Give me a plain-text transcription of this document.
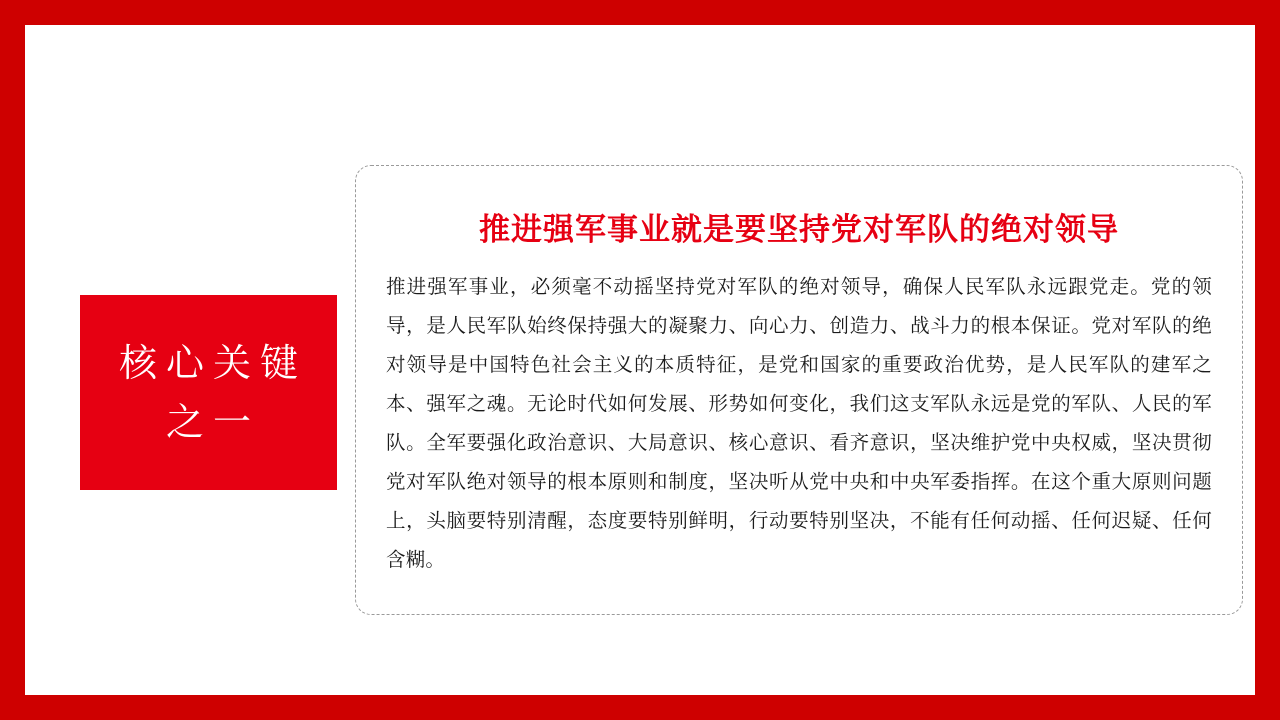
核心关键
之一
推进强军事业就是要坚持党对军队的绝对领导
推进强军事业，必须毫不动摇坚持党对军队的绝对领导，确保人民军队永远跟党走。党的领导，是人民军队始终保持强大的凝聚力、向心力、创造力、战斗力的根本保证。党对军队的绝对领导是中国特色社会主义的本质特征，是党和国家的重要政治优势，是人民军队的建军之本、强军之魂。无论时代如何发展、形势如何变化，我们这支军队永远是党的军队、人民的军队。全军要强化政治意识、大局意识、核心意识、看齐意识，坚决维护党中央权威，坚决贯彻党对军队绝对领导的根本原则和制度，坚决听从党中央和中央军委指挥。在这个重大原则问题上，头脑要特别清醒，态度要特别鲜明，行动要特别坚决，不能有任何动摇、任何迟疑、任何含糊。
